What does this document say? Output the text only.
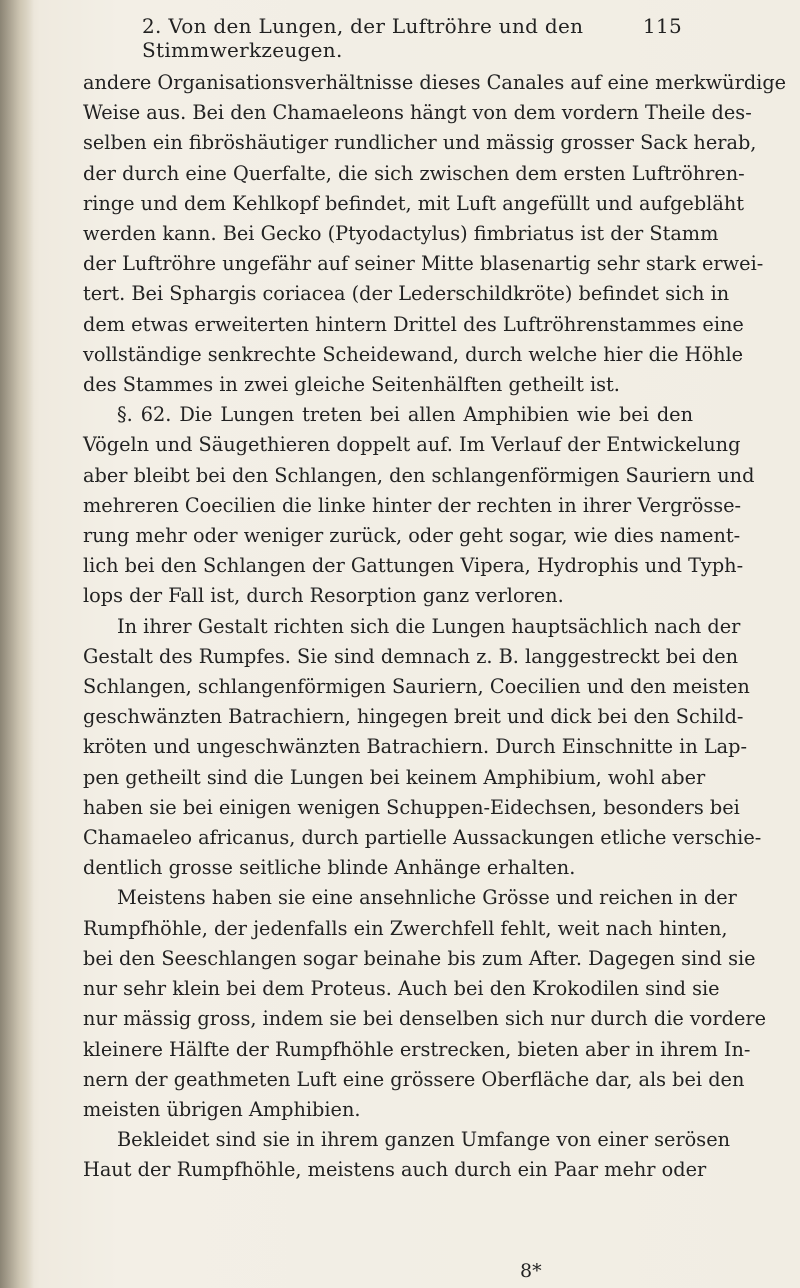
2. Von den Lungen, der Luftröhre und den Stimmwerkzeugen.
115
andere Organisationsverhältnisse dieses Canales auf eine merkwürdige
Weise aus. Bei den Chamaeleons hängt von dem vordern Theile des-
selben ein fibröshäutiger rundlicher und mässig grosser Sack herab,
der durch eine Querfalte, die sich zwischen dem ersten Luftröhren-
ringe und dem Kehlkopf befindet, mit Luft angefüllt und aufgebläht
werden kann. Bei Gecko (Ptyodactylus) fimbriatus ist der Stamm
der Luftröhre ungefähr auf seiner Mitte blasenartig sehr stark erwei-
tert. Bei Sphargis coriacea (der Lederschildkröte) befindet sich in
dem etwas erweiterten hintern Drittel des Luftröhrenstammes eine
vollständige senkrechte Scheidewand, durch welche hier die Höhle
des Stammes in zwei gleiche Seitenhälften getheilt ist.
§. 62. Die Lungen treten bei allen Amphibien wie bei den
Vögeln und Säugethieren doppelt auf. Im Verlauf der Entwickelung
aber bleibt bei den Schlangen, den schlangenförmigen Sauriern und
mehreren Coecilien die linke hinter der rechten in ihrer Vergrösse-
rung mehr oder weniger zurück, oder geht sogar, wie dies nament-
lich bei den Schlangen der Gattungen Vipera, Hydrophis und Typh-
lops der Fall ist, durch Resorption ganz verloren.
In ihrer Gestalt richten sich die Lungen hauptsächlich nach der
Gestalt des Rumpfes. Sie sind demnach z. B. langgestreckt bei den
Schlangen, schlangenförmigen Sauriern, Coecilien und den meisten
geschwänzten Batrachiern, hingegen breit und dick bei den Schild-
kröten und ungeschwänzten Batrachiern. Durch Einschnitte in Lap-
pen getheilt sind die Lungen bei keinem Amphibium, wohl aber
haben sie bei einigen wenigen Schuppen-Eidechsen, besonders bei
Chamaeleo africanus, durch partielle Aussackungen etliche verschie-
dentlich grosse seitliche blinde Anhänge erhalten.
Meistens haben sie eine ansehnliche Grösse und reichen in der
Rumpfhöhle, der jedenfalls ein Zwerchfell fehlt, weit nach hinten,
bei den Seeschlangen sogar beinahe bis zum After. Dagegen sind sie
nur sehr klein bei dem Proteus. Auch bei den Krokodilen sind sie
nur mässig gross, indem sie bei denselben sich nur durch die vordere
kleinere Hälfte der Rumpfhöhle erstrecken, bieten aber in ihrem In-
nern der geathmeten Luft eine grössere Oberfläche dar, als bei den
meisten übrigen Amphibien.
Bekleidet sind sie in ihrem ganzen Umfange von einer serösen
Haut der Rumpfhöhle, meistens auch durch ein Paar mehr oder
8*
